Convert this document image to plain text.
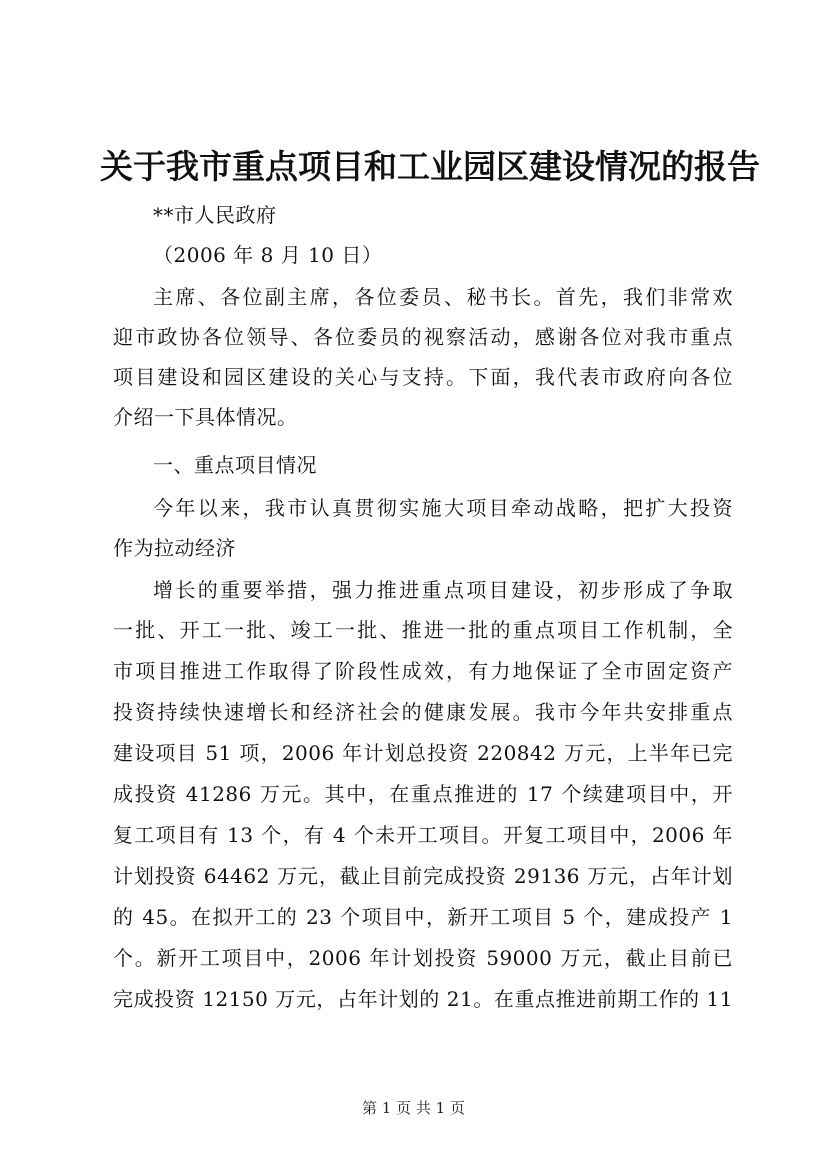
关于我市重点项目和工业园区建设情况的报告
**市人民政府
（2006 年 8 月 10 日）
主席、各位副主席，各位委员、秘书长。首先，我们非常欢
迎市政协各位领导、各位委员的视察活动，感谢各位对我市重点
项目建设和园区建设的关心与支持。下面，我代表市政府向各位
介绍一下具体情况。
一、重点项目情况
今年以来，我市认真贯彻实施大项目牵动战略，把扩大投资
作为拉动经济
增长的重要举措，强力推进重点项目建设，初步形成了争取
一批、开工一批、竣工一批、推进一批的重点项目工作机制，全
市项目推进工作取得了阶段性成效，有力地保证了全市固定资产
投资持续快速增长和经济社会的健康发展。我市今年共安排重点
建设项目 51 项，2006 年计划总投资 220842 万元，上半年已完
成投资 41286 万元。其中，在重点推进的 17 个续建项目中，开
复工项目有 13 个，有 4 个未开工项目。开复工项目中，2006 年
计划投资 64462 万元，截止目前完成投资 29136 万元，占年计划
的 45。在拟开工的 23 个项目中，新开工项目 5 个，建成投产 1
个。新开工项目中，2006 年计划投资 59000 万元，截止目前已
完成投资 12150 万元，占年计划的 21。在重点推进前期工作的 11
第 1 页 共 1 页
